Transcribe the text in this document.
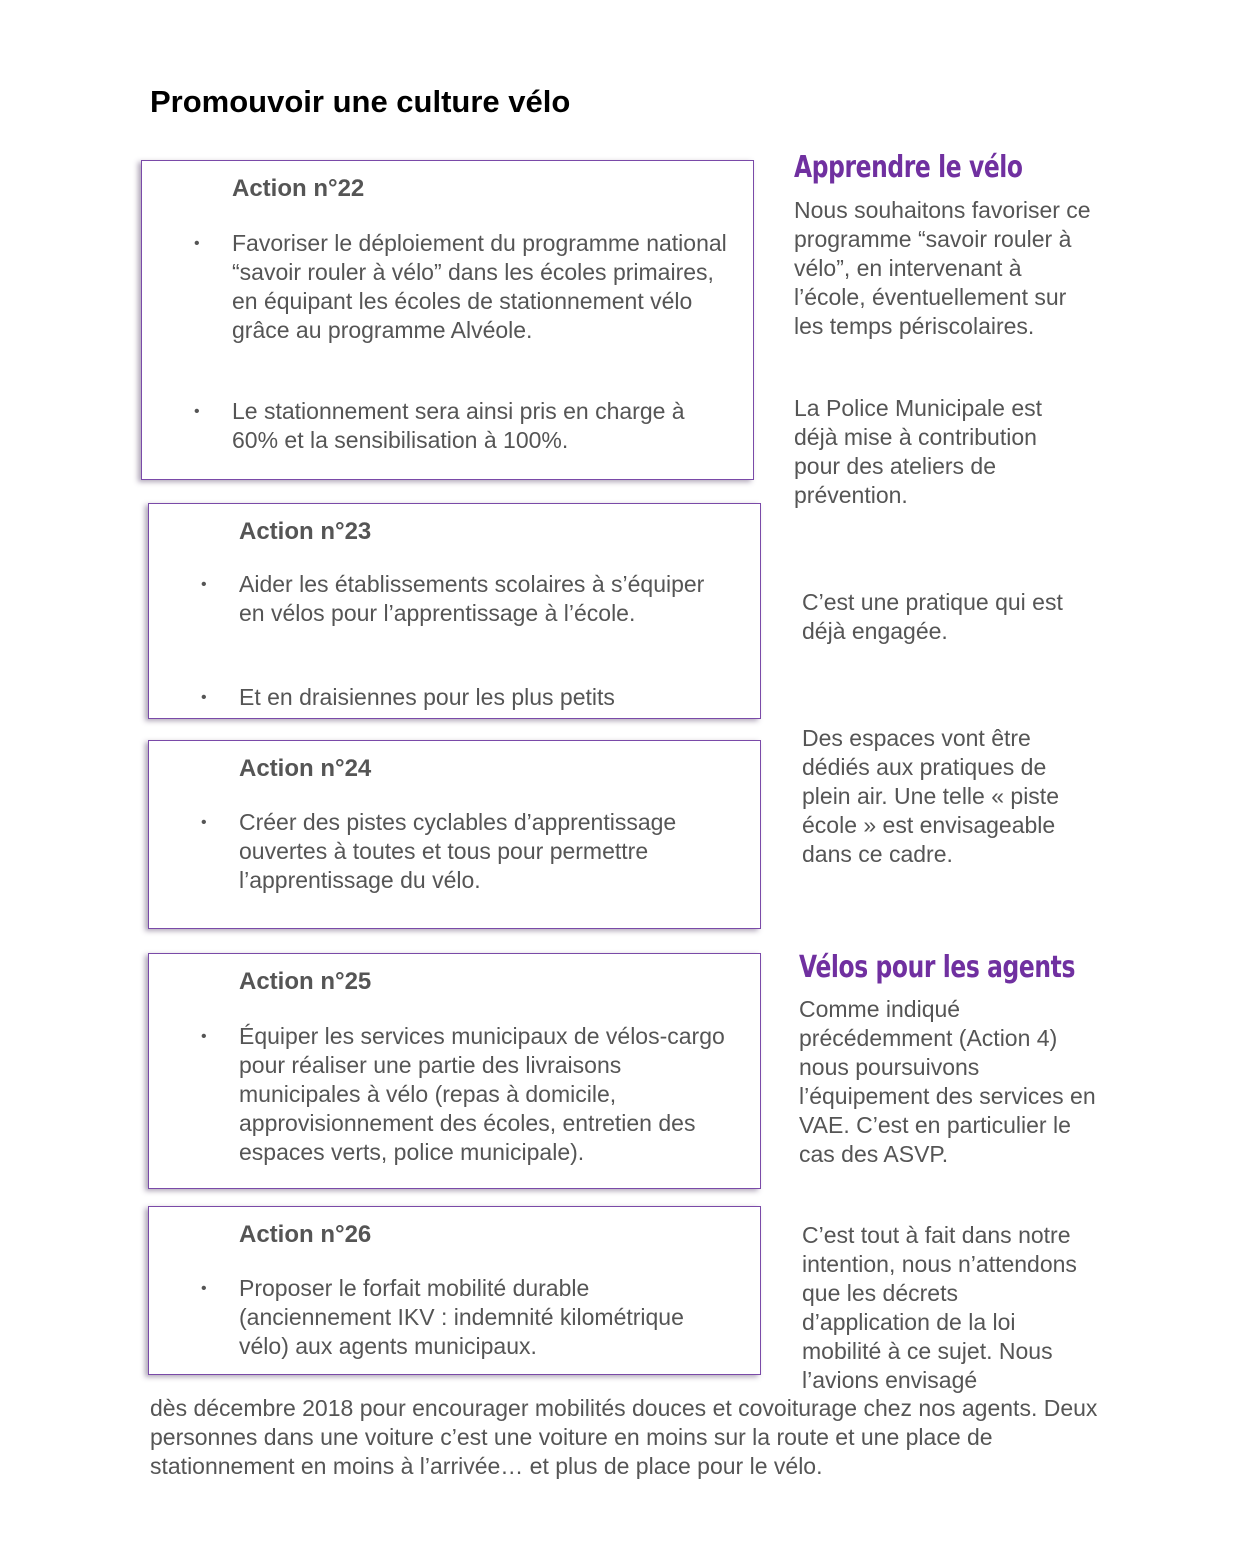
Promouvoir une culture vélo
Action n°22
• Favoriser le déploiement du programme national “savoir rouler à vélo” dans les écoles primaires, en équipant les écoles de stationnement vélo grâce au programme Alvéole.
• Le stationnement sera ainsi pris en charge à 60% et la sensibilisation à 100%.
Action n°23
• Aider les établissements scolaires à s’équiper en vélos pour l’apprentissage à l’école.
• Et en draisiennes pour les plus petits
Action n°24
• Créer des pistes cyclables d’apprentissage ouvertes à toutes et tous pour permettre l’apprentissage du vélo.
Action n°25
• Équiper les services municipaux de vélos-cargo pour réaliser une partie des livraisons municipales à vélo (repas à domicile, approvisionnement des écoles, entretien des espaces verts, police municipale).
Action n°26
• Proposer le forfait mobilité durable (anciennement IKV : indemnité kilométrique vélo) aux agents municipaux.
Apprendre le vélo
Nous souhaitons favoriser ce programme “savoir rouler à vélo”, en intervenant à l’école, éventuellement sur les temps périscolaires.
La Police Municipale est déjà mise à contribution pour des ateliers de prévention.
C’est une pratique qui est déjà engagée.
Des espaces vont être dédiés aux pratiques de plein air. Une telle « piste école » est envisageable dans ce cadre.
Vélos pour les agents
Comme indiqué précédemment (Action 4) nous poursuivons l’équipement des services en VAE. C’est en particulier le cas des ASVP.
C’est tout à fait dans notre intention, nous n’attendons que les décrets d’application de la loi mobilité à ce sujet. Nous l’avions envisagé
dès décembre 2018 pour encourager mobilités douces et covoiturage chez nos agents. Deux personnes dans une voiture c’est une voiture en moins sur la route et une place de stationnement en moins à l’arrivée… et plus de place pour le vélo.
